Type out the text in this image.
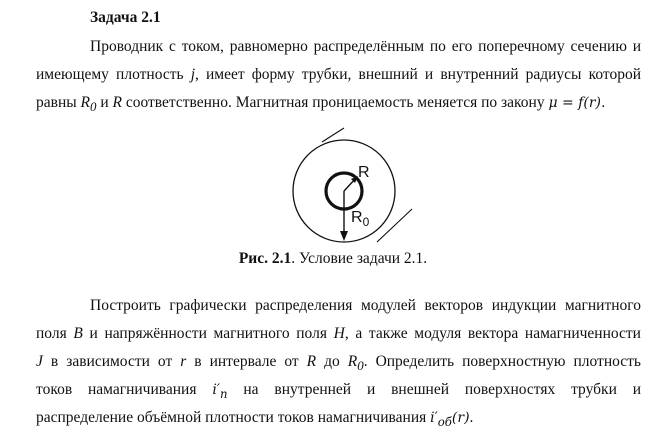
Задача 2.1
Проводник с током, равномерно распределённым по его поперечному сечению и
имеющему плотность j, имеет форму трубки, внешний и внутренний радиусы которой
равны $R_0$ и R соответственно. Магнитная проницаемость меняется по закону μ = f(r).
R
$R_0$
Рис. 2.1. Условие задачи 2.1.
Построить графически распределения модулей векторов индукции магнитного
поля B и напряжённости магнитного поля H, а также модуля вектора намагниченности
J в зависимости от r в интервале от R до $R_0$. Определить поверхностную плотность
токов намагничивания $i'_п$ на внутренней и внешней поверхностях трубки и
распределение объёмной плотности токов намагничивания $i'_{об}(r)$.
